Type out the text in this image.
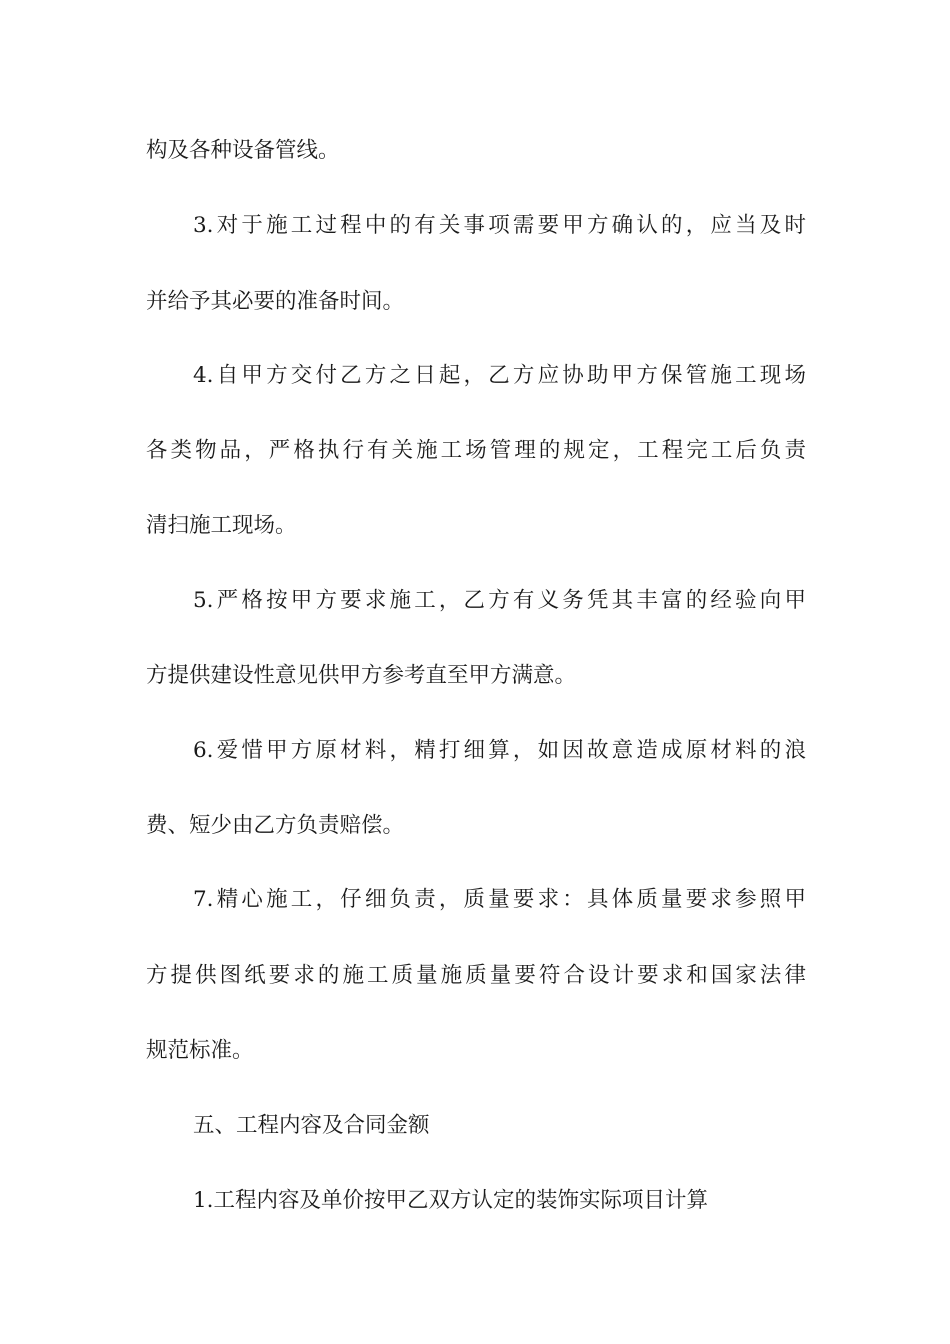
构及各种设备管线。
3.对于施工过程中的有关事项需要甲方确认的，应当及时
并给予其必要的准备时间。
4.自甲方交付乙方之日起，乙方应协助甲方保管施工现场
各类物品，严格执行有关施工场管理的规定，工程完工后负责
清扫施工现场。
5.严格按甲方要求施工，乙方有义务凭其丰富的经验向甲
方提供建设性意见供甲方参考直至甲方满意。
6.爱惜甲方原材料，精打细算，如因故意造成原材料的浪
费、短少由乙方负责赔偿。
7.精心施工，仔细负责，质量要求：具体质量要求参照甲
方提供图纸要求的施工质量施质量要符合设计要求和国家法律
规范标准。
五、工程内容及合同金额
1.工程内容及单价按甲乙双方认定的装饰实际项目计算
